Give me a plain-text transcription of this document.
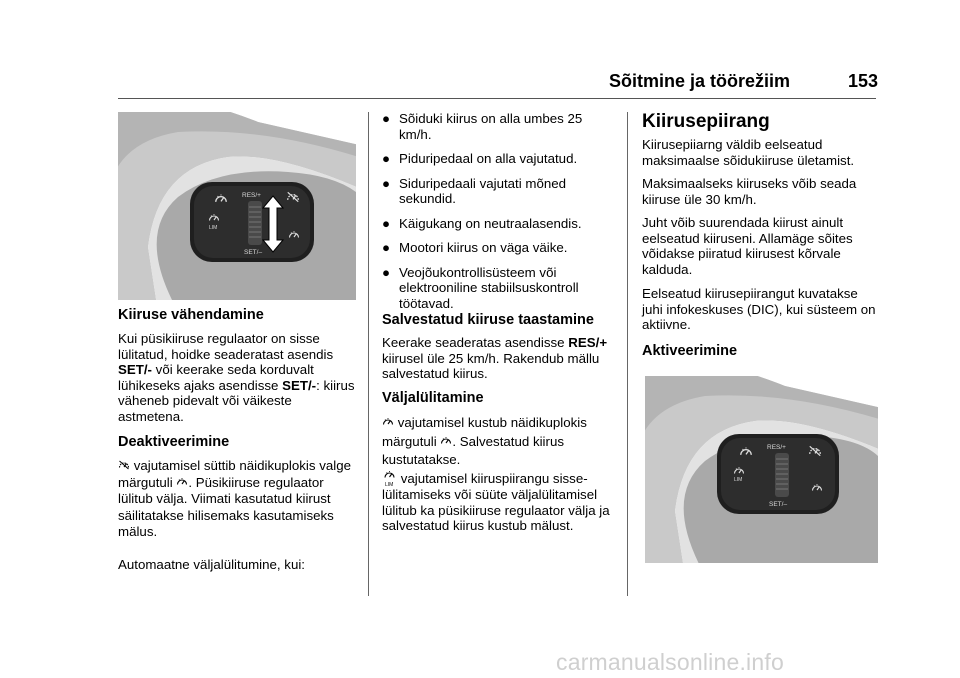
Sõitmine ja töörežiim	153
RES/+
SET/–
LIM
Kiiruse vähendamine

Kui püsikiiruse regulaator on sisse lülitatud, hoidke seaderatast asendis SET/- või keerake seda korduvalt lühikeseks ajaks asendisse SET/-: kiirus väheneb pidevalt või väikeste astmetena.

Deaktiveerimine

vajutamisel süttib näidikuplokis valge märgutuli . Püsikiiruse regulaator lülitub välja. Viimati kasutatud kiirust säilitatakse hilisemaks kasutamiseks mälus.

Automaatne väljalülitumine, kui:

● Sõiduki kiirus on alla umbes 25 km/h.
● Piduripedaal on alla vajutatud.
● Siduripedaali vajutati mõned sekundid.
● Käigukang on neutraalasendis.
● Mootori kiirus on väga väike.
● Veojõukontrollisüsteem või elektrooniline stabiilsuskontroll töötavad.
Salvestatud kiiruse taastamine

Keerake seaderatas asendisse RES/+ kiirusel üle 25 km/h. Rakendub mällu salvestatud kiirus.

Väljalülitamine

vajutamisel kustub näidikuplokis märgutuli . Salvestatud kiirus kustutatakse.

LIM vajutamisel kiiruspiirangu sisselülitamiseks või süüte väljalülitamisel lülitub ka püsikiiruse regulaator välja ja salvestatud kiirus kustub mälust.

Kiirusepiirang

Kiirusepiiarng väldib eelseatud maksimaalse sõidukiiruse ületamist.

Maksimaalseks kiiruseks võib seada kiiruse üle 30 km/h.

Juht võib suurendada kiirust ainult eelseatud kiiruseni. Allamäge sõites võidakse piiratud kiirusest kõrvale kalduda.

Eelseatud kiirusepiirangut kuvatakse juhi infokeskuses (DIC), kui süsteem on aktiivne.

Aktiveerimine
RES/+
SET/–
LIM
carmanualsonline.info
